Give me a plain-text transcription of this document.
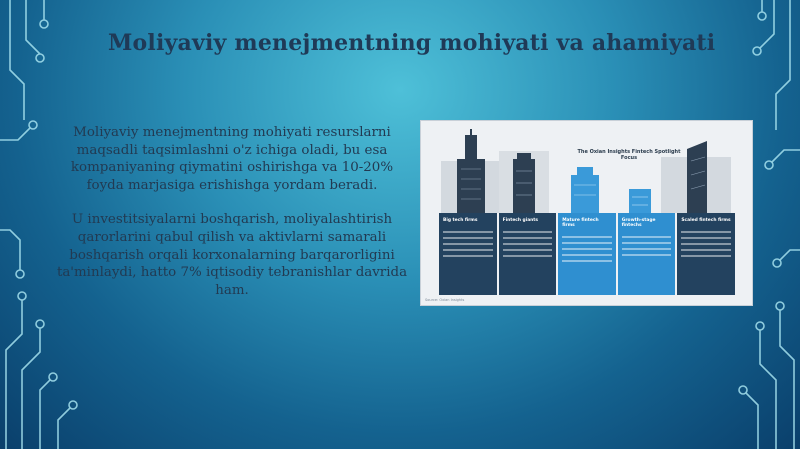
Moliyaviy menejmentning mohiyati va ahamiyati

Moliyaviy menejmentning mohiyati resurslarni maqsadli taqsimlashni o'z ichiga oladi, bu esa kompaniyaning qiymatini oshirishga va 10-20% foyda marjasiga erishishga yordam beradi.

U investitsiyalarni boshqarish, moliyalashtirish qarorlarini qabul qilish va aktivlarni samarali boshqarish orqali korxonalarning barqarorligini ta'minlaydi, hatto 7% iqtisodiy tebranishlar davrida ham.

The Oxian Insights Fintech Spotlight Focus
Big tech firms	Fintech giants	Mature fintech firms
Growth-stage fintechs
Scaled fintech firms
Source: Oxian Insights
